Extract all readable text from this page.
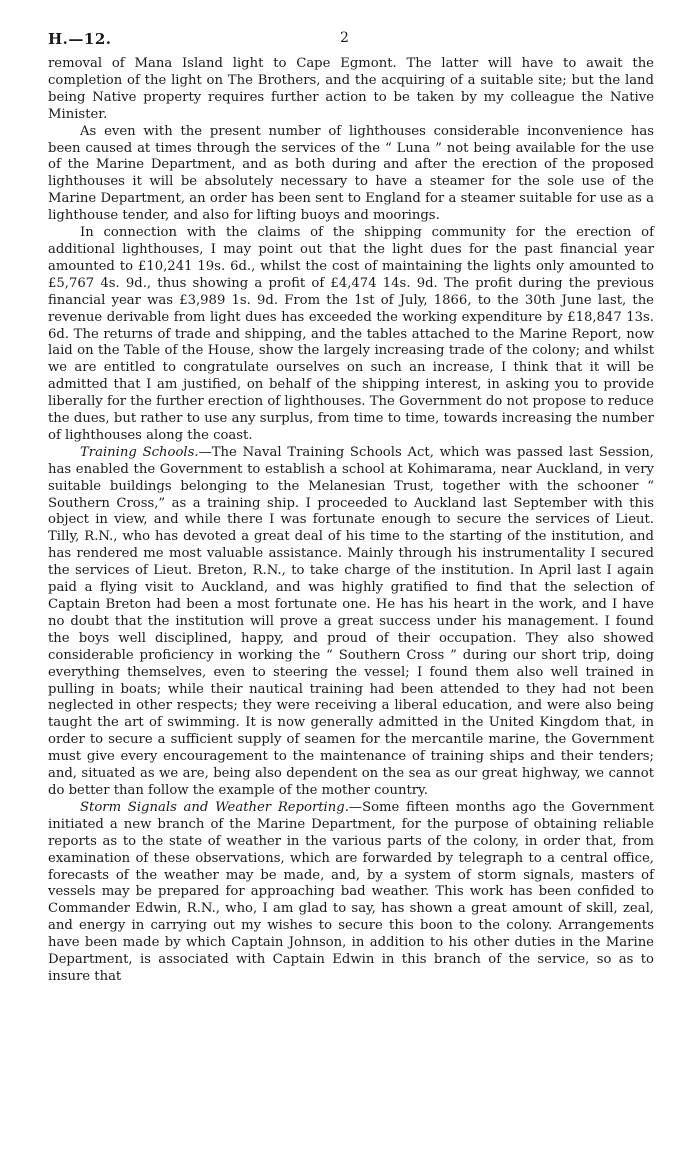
H.—12.	2

removal of Mana Island light to Cape Egmont. The latter will have to await the completion of the light on The Brothers, and the acquiring of a suitable site; but the land being Native property requires further action to be taken by my colleague the Native Minister.

As even with the present number of lighthouses considerable inconvenience has been caused at times through the services of the “ Luna ” not being available for the use of the Marine Department, and as both during and after the erection of the proposed lighthouses it will be absolutely necessary to have a steamer for the sole use of the Marine Department, an order has been sent to England for a steamer suitable for use as a lighthouse tender, and also for lifting buoys and moorings.

In connection with the claims of the shipping community for the erection of additional lighthouses, I may point out that the light dues for the past financial year amounted to £10,241 19s. 6d., whilst the cost of maintaining the lights only amounted to £5,767 4s. 9d., thus showing a profit of £4,474 14s. 9d. The profit during the previous financial year was £3,989 1s. 9d. From the 1st of July, 1866, to the 30th June last, the revenue derivable from light dues has exceeded the working expenditure by £18,847 13s. 6d. The returns of trade and shipping, and the tables attached to the Marine Report, now laid on the Table of the House, show the largely increasing trade of the colony; and whilst we are entitled to congratulate ourselves on such an increase, I think that it will be admitted that I am justified, on behalf of the shipping interest, in asking you to provide liberally for the further erection of lighthouses. The Government do not propose to reduce the dues, but rather to use any surplus, from time to time, towards increasing the number of lighthouses along the coast.

Training Schools.—The Naval Training Schools Act, which was passed last Session, has enabled the Government to establish a school at Kohimarama, near Auckland, in very suitable buildings belonging to the Melanesian Trust, together with the schooner “ Southern Cross,” as a training ship. I proceeded to Auckland last September with this object in view, and while there I was fortunate enough to secure the services of Lieut. Tilly, R.N., who has devoted a great deal of his time to the starting of the institution, and has rendered me most valuable assistance. Mainly through his instrumentality I secured the services of Lieut. Breton, R.N., to take charge of the institution. In April last I again paid a flying visit to Auckland, and was highly gratified to find that the selection of Captain Breton had been a most fortunate one. He has his heart in the work, and I have no doubt that the institution will prove a great success under his management. I found the boys well disciplined, happy, and proud of their occupation. They also showed considerable proficiency in working the “ Southern Cross ” during our short trip, doing everything themselves, even to steering the vessel; I found them also well trained in pulling in boats; while their nautical training had been attended to they had not been neglected in other respects; they were receiving a liberal education, and were also being taught the art of swimming. It is now generally admitted in the United Kingdom that, in order to secure a sufficient supply of seamen for the mercantile marine, the Government must give every encouragement to the maintenance of training ships and their tenders; and, situated as we are, being also dependent on the sea as our great highway, we cannot do better than follow the example of the mother country.

Storm Signals and Weather Reporting.—Some fifteen months ago the Government initiated a new branch of the Marine Department, for the purpose of obtaining reliable reports as to the state of weather in the various parts of the colony, in order that, from examination of these observations, which are forwarded by telegraph to a central office, forecasts of the weather may be made, and, by a system of storm signals, masters of vessels may be prepared for approaching bad weather. This work has been confided to Commander Edwin, R.N., who, I am glad to say, has shown a great amount of skill, zeal, and energy in carrying out my wishes to secure this boon to the colony. Arrangements have been made by which Captain Johnson, in addition to his other duties in the Marine Department, is associated with Captain Edwin in this branch of the service, so as to insure that
